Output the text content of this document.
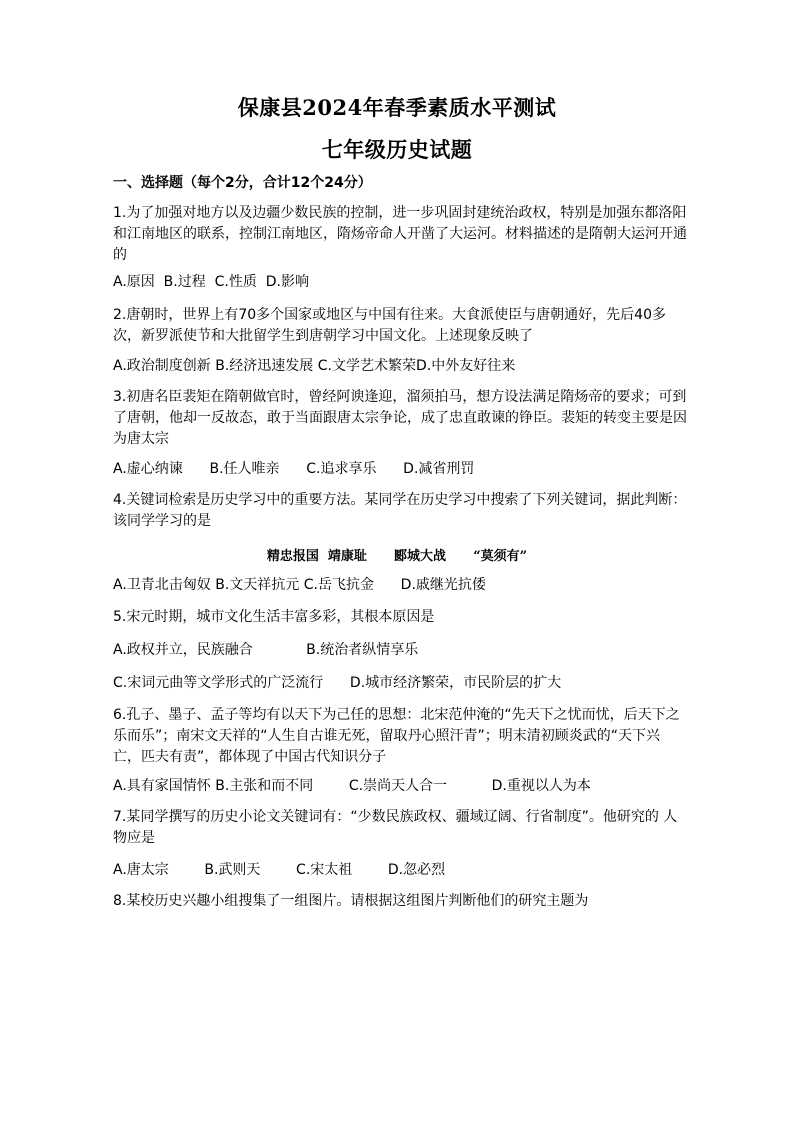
保康县2024年春季素质水平测试
七年级历史试题
一、选择题（每个2分，合计12个24分）

1.为了加强对地方以及边疆少数民族的控制，进一步巩固封建统治政权，特别是加强东都洛阳和江南地区的联系，控制江南地区，隋炀帝命人开凿了大运河。材料描述的是隋朝大运河开通的

A.原因  B.过程  C.性质  D.影响

2.唐朝时，世界上有70多个国家或地区与中国有往来。大食派使臣与唐朝通好，先后40多次，新罗派使节和大批留学生到唐朝学习中国文化。上述现象反映了

A.政治制度创新 B.经济迅速发展 C.文学艺术繁荣D.中外友好往来

3.初唐名臣裴矩在隋朝做官时，曾经阿谀逢迎，溜须拍马，想方设法满足隋炀帝的要求；可到了唐朝，他却一反故态，敢于当面跟唐太宗争论，成了忠直敢谏的铮臣。裴矩的转变主要是因为唐太宗

A.虚心纳谏      B.任人唯亲      C.追求享乐      D.减省刑罚

4.关键词检索是历史学习中的重要方法。某同学在历史学习中搜索了下列关键词，据此判断：该同学学习的是

精忠报国  靖康耻      郾城大战      “莫须有”
A.卫青北击匈奴 B.文天祥抗元 C.岳飞抗金      D.戚继光抗倭

5.宋元时期，城市文化生活丰富多彩，其根本原因是

A.政权并立，民族融合            B.统治者纵情享乐
C.宋词元曲等文学形式的广泛流行      D.城市经济繁荣，市民阶层的扩大

6.孔子、墨子、孟子等均有以天下为己任的思想：北宋范仲淹的“先天下之忧而忧，后天下之乐而乐”；南宋文天祥的“人生自古谁无死，留取丹心照汗青”；明末清初顾炎武的“天下兴亡，匹夫有责”，都体现了中国古代知识分子

A.具有家国情怀 B.主张和而不同        C.崇尚天人合一          D.重视以人为本

7.某同学撰写的历史小论文关键词有：“少数民族政权、疆域辽阔、行省制度”。他研究的 人物应是

A.唐太宗        B.武则天        C.宋太祖        D.忽必烈

8.某校历史兴趣小组搜集了一组图片。请根据这组图片判断他们的研究主题为
